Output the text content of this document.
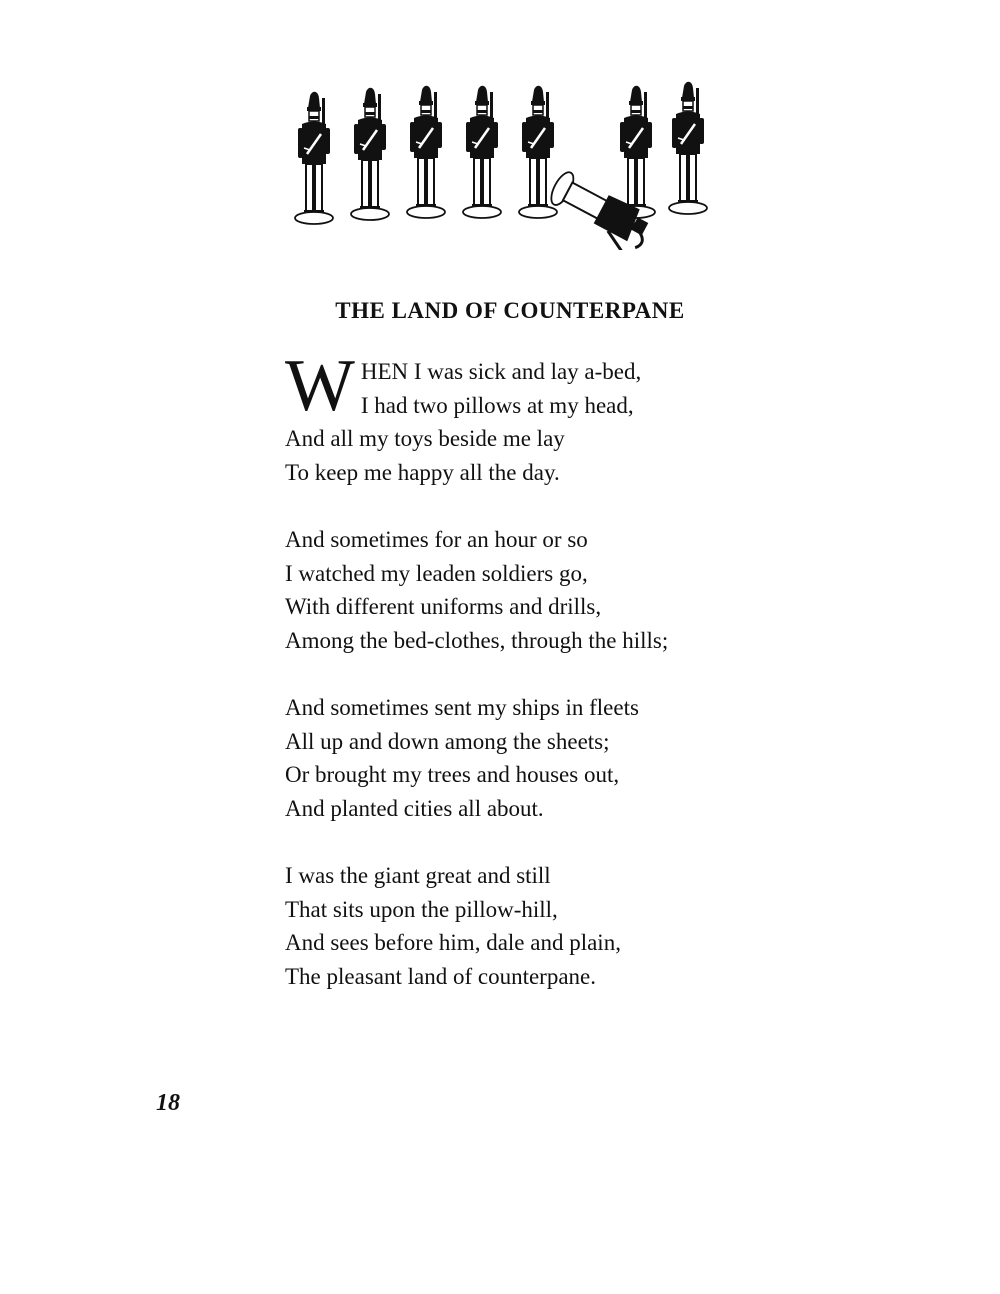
THE LAND OF COUNTERPANE
W HEN I was sick and lay a-bed,
I had two pillows at my head,
And all my toys beside me lay
To keep me happy all the day.
And sometimes for an hour or so
I watched my leaden soldiers go,
With different uniforms and drills,
Among the bed-clothes, through the hills;
And sometimes sent my ships in fleets
All up and down among the sheets;
Or brought my trees and houses out,
And planted cities all about.
I was the giant great and still
That sits upon the pillow-hill,
And sees before him, dale and plain,
The pleasant land of counterpane.
18
